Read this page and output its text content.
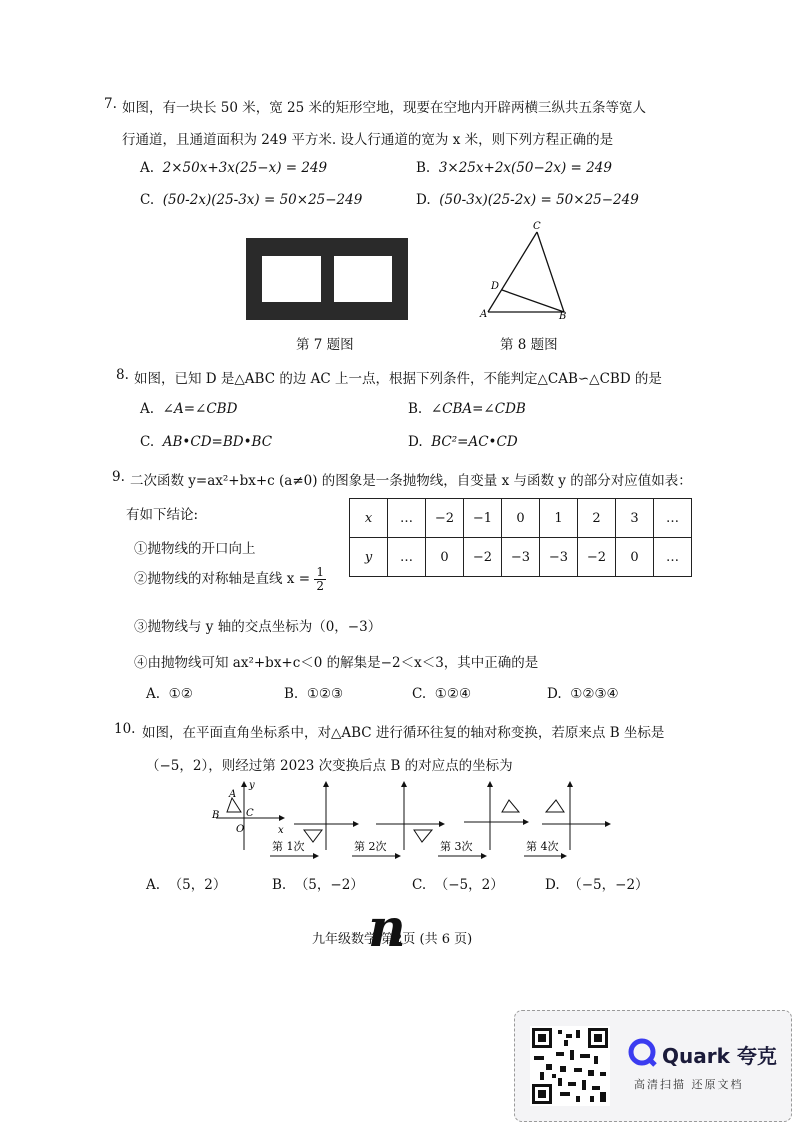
7. 如图，有一块长 50 米，宽 25 米的矩形空地，现要在空地内开辟两横三纵共五条等宽人
行通道，且通道面积为 249 平方米. 设人行通道的宽为 x 米，则下列方程正确的是
A. 2×50x+3x(25−x) = 249	B. 3×25x+2x(50−2x) = 249
C. (50-2x)(25-3x) = 50×25−249	D. (50-3x)(25-2x) = 50×25−249
第 7 题图
C
D
A	B
第 8 题图
8. 如图，已知 D 是△ABC 的边 AC 上一点，根据下列条件，不能判定△CAB∽△CBD 的是
A. ∠A=∠CBD	B. ∠CBA=∠CDB
C. AB•CD=BD•BC	D. BC²=AC•CD
9. 二次函数 y=ax²+bx+c (a≠0) 的图象是一条抛物线，自变量 x 与函数 y 的部分对应值如表：
有如下结论:	x	…	−2	−1	0	1	2	3	…
y	…	0	−2	−3	−3	−2	0	…
①抛物线的开口向上
②抛物线的对称轴是直线 $x = \frac{1}{2}$
③抛物线与 y 轴的交点坐标为（0，−3）
④由抛物线可知 ax²+bx+c＜0 的解集是−2＜x＜3，其中正确的是
A. ①②	B. ①②③	C. ①②④	D. ①②③④
10. 如图，在平面直角坐标系中，对△ABC 进行循环往复的轴对称变换，若原来点 B 坐标是
（−5，2），则经过第 2023 次变换后点 B 的对应点的坐标为
y
x
O
A
B	C
第 1次	第 2次	第 3次	第 4次
A. （5，2）	B. （5，−2）	C. （−5，2）	D. （−5，−2）
九年级数学 第2页 (共 6 页)
n
Quark 夸克
高清扫描 还原文档
